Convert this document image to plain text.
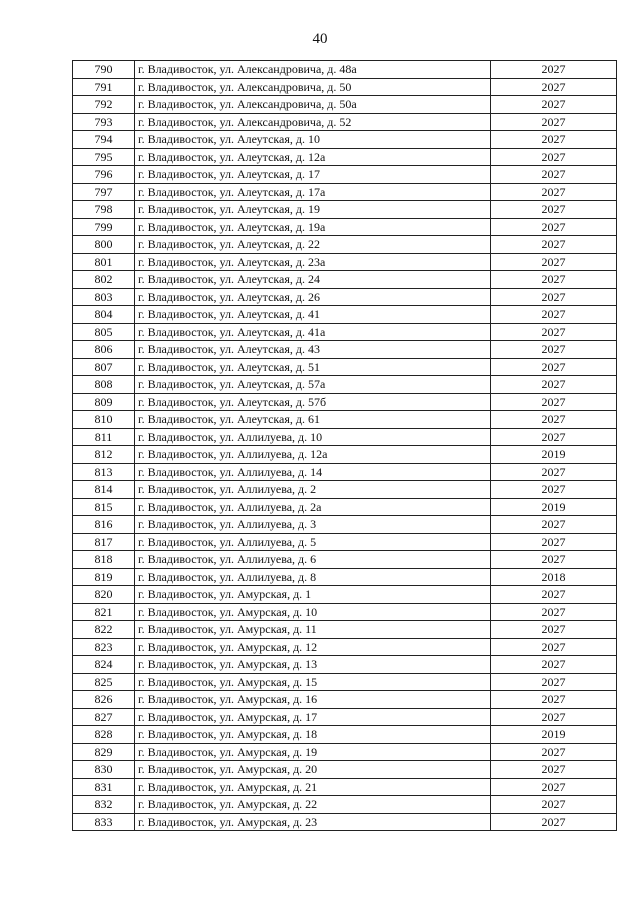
40
790	г. Владивосток, ул. Александровича, д. 48а	2027
791	г. Владивосток, ул. Александровича, д. 50	2027
792	г. Владивосток, ул. Александровича, д. 50а	2027
793	г. Владивосток, ул. Александровича, д. 52	2027
794	г. Владивосток, ул. Алеутская, д. 10	2027
795	г. Владивосток, ул. Алеутская, д. 12а	2027
796	г. Владивосток, ул. Алеутская, д. 17	2027
797	г. Владивосток, ул. Алеутская, д. 17а	2027
798	г. Владивосток, ул. Алеутская, д. 19	2027
799	г. Владивосток, ул. Алеутская, д. 19а	2027
800	г. Владивосток, ул. Алеутская, д. 22	2027
801	г. Владивосток, ул. Алеутская, д. 23а	2027
802	г. Владивосток, ул. Алеутская, д. 24	2027
803	г. Владивосток, ул. Алеутская, д. 26	2027
804	г. Владивосток, ул. Алеутская, д. 41	2027
805	г. Владивосток, ул. Алеутская, д. 41а	2027
806	г. Владивосток, ул. Алеутская, д. 43	2027
807	г. Владивосток, ул. Алеутская, д. 51	2027
808	г. Владивосток, ул. Алеутская, д. 57а	2027
809	г. Владивосток, ул. Алеутская, д. 57б	2027
810	г. Владивосток, ул. Алеутская, д. 61	2027
811	г. Владивосток, ул. Аллилуева, д. 10	2027
812	г. Владивосток, ул. Аллилуева, д. 12а	2019
813	г. Владивосток, ул. Аллилуева, д. 14	2027
814	г. Владивосток, ул. Аллилуева, д. 2	2027
815	г. Владивосток, ул. Аллилуева, д. 2а	2019
816	г. Владивосток, ул. Аллилуева, д. 3	2027
817	г. Владивосток, ул. Аллилуева, д. 5	2027
818	г. Владивосток, ул. Аллилуева, д. 6	2027
819	г. Владивосток, ул. Аллилуева, д. 8	2018
820	г. Владивосток, ул. Амурская, д. 1	2027
821	г. Владивосток, ул. Амурская, д. 10	2027
822	г. Владивосток, ул. Амурская, д. 11	2027
823	г. Владивосток, ул. Амурская, д. 12	2027
824	г. Владивосток, ул. Амурская, д. 13	2027
825	г. Владивосток, ул. Амурская, д. 15	2027
826	г. Владивосток, ул. Амурская, д. 16	2027
827	г. Владивосток, ул. Амурская, д. 17	2027
828	г. Владивосток, ул. Амурская, д. 18	2019
829	г. Владивосток, ул. Амурская, д. 19	2027
830	г. Владивосток, ул. Амурская, д. 20	2027
831	г. Владивосток, ул. Амурская, д. 21	2027
832	г. Владивосток, ул. Амурская, д. 22	2027
833	г. Владивосток, ул. Амурская, д. 23	2027
